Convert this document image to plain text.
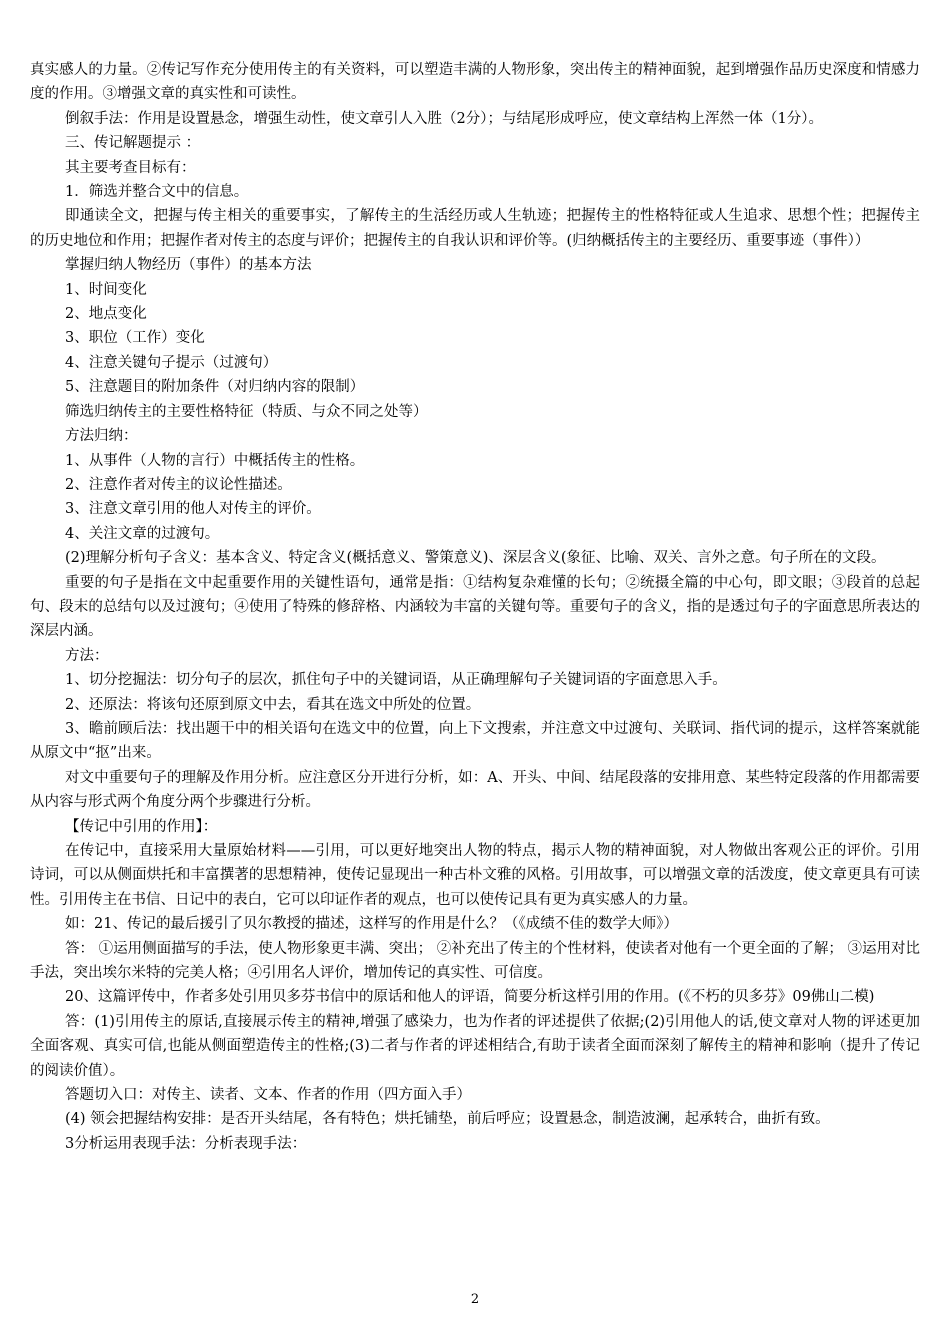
真实感人的力量。②传记写作充分使用传主的有关资料，可以塑造丰满的人物形象，突出传主的精神面貌，起到增强作品历史深度和情感力度的作用。③增强文章的真实性和可读性。

倒叙手法：作用是设置悬念，增强生动性，使文章引人入胜（2分）；与结尾形成呼应，使文章结构上浑然一体（1分）。

三、传记解题提示 ：

其主要考查目标有：

1．筛选并整合文中的信息。

即通读全文，把握与传主相关的重要事实，了解传主的生活经历或人生轨迹；把握传主的性格特征或人生追求、思想个性；把握传主的历史地位和作用；把握作者对传主的态度与评价；把握传主的自我认识和评价等。(归纳概括传主的主要经历、重要事迹（事件））

掌握归纳人物经历（事件）的基本方法

1、时间变化

2、地点变化

3、职位（工作）变化

4、注意关键句子提示（过渡句）

5、注意题目的附加条件（对归纳内容的限制）

筛选归纳传主的主要性格特征（特质、与众不同之处等）

方法归纳：

1、从事件（人物的言行）中概括传主的性格。

2、注意作者对传主的议论性描述。

3、注意文章引用的他人对传主的评价。

4、关注文章的过渡句。

(2)理解分析句子含义：基本含义、特定含义(概括意义、警策意义)、深层含义(象征、比喻、双关、言外之意。句子所在的文段。

重要的句子是指在文中起重要作用的关键性语句，通常是指：①结构复杂难懂的长句；②统摄全篇的中心句，即文眼；③段首的总起句、段末的总结句以及过渡句；④使用了特殊的修辞格、内涵较为丰富的关键句等。重要句子的含义，指的是透过句子的字面意思所表达的深层内涵。

方法：

1、切分挖掘法：切分句子的层次，抓住句子中的关键词语，从正确理解句子关键词语的字面意思入手。

2、还原法：将该句还原到原文中去，看其在选文中所处的位置。

3、瞻前顾后法：找出题干中的相关语句在选文中的位置，向上下文搜索，并注意文中过渡句、关联词、指代词的提示，这样答案就能从原文中“抠”出来。

对文中重要句子的理解及作用分析。应注意区分开进行分析，如：A、开头、中间、结尾段落的安排用意、某些特定段落的作用都需要从内容与形式两个角度分两个步骤进行分析。

【传记中引用的作用】：

在传记中，直接采用大量原始材料——引用，可以更好地突出人物的特点，揭示人物的精神面貌，对人物做出客观公正的评价。引用诗词，可以从侧面烘托和丰富撰著的思想精神，使传记显现出一种古朴文雅的风格。引用故事，可以增强文章的活泼度，使文章更具有可读性。引用传主在书信、日记中的表白，它可以印证作者的观点，也可以使传记具有更为真实感人的力量。

如：21、传记的最后援引了贝尔教授的描述，这样写的作用是什么？（《成绩不佳的数学大师》）

答： ①运用侧面描写的手法，使人物形象更丰满、突出； ②补充出了传主的个性材料，使读者对他有一个更全面的了解； ③运用对比手法，突出埃尔米特的完美人格；④引用名人评价，增加传记的真实性、可信度。

20、这篇评传中，作者多处引用贝多芬书信中的原话和他人的评语，简要分析这样引用的作用。(《不朽的贝多芬》09佛山二模)

答：(1)引用传主的原话,直接展示传主的精神,增强了感染力，也为作者的评述提供了依据;(2)引用他人的话,使文章对人物的评述更加全面客观、真实可信,也能从侧面塑造传主的性格;(3)二者与作者的评述相结合,有助于读者全面而深刻了解传主的精神和影响（提升了传记的阅读价值）。

答题切入口：对传主、读者、文本、作者的作用（四方面入手）

(4) 领会把握结构安排：是否开头结尾，各有特色；烘托铺垫，前后呼应；设置悬念，制造波澜，起承转合，曲折有致。

3分析运用表现手法：分析表现手法：

2
